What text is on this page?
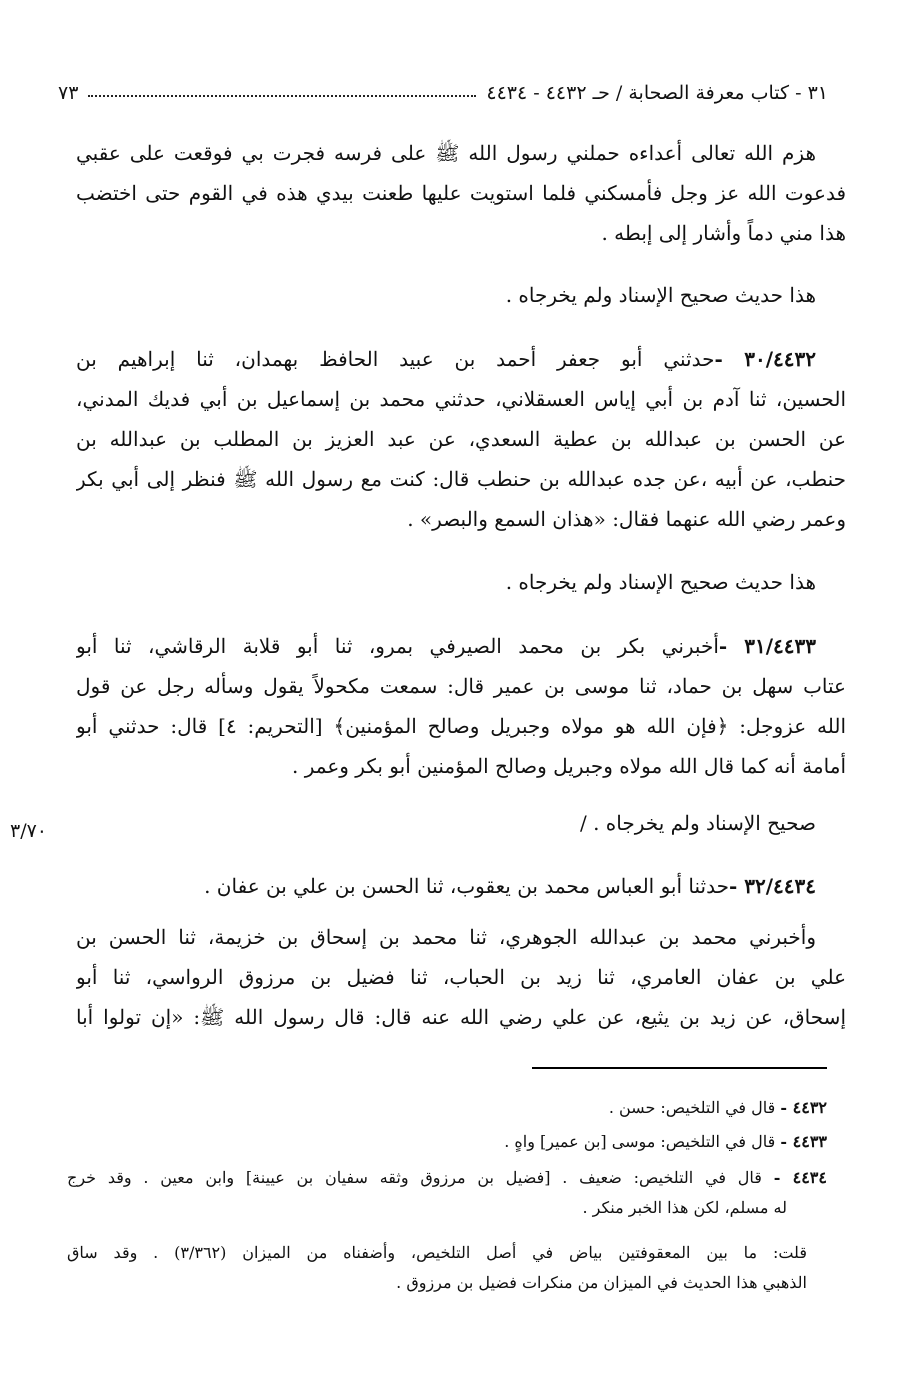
٣١ - كتاب معرفة الصحابة / حـ ٤٤٣٢ - ٤٤٣٤
٧٣
٣/٧٠
هزم الله تعالى أعداءه حملني رسول الله ﷺ على فرسه فجرت بي فوقعت على عقبي
فدعوت الله عز وجل فأمسكني فلما استويت عليها طعنت بيدي هذه في القوم حتى اختضب
هذا مني دماً وأشار إلى إبطه .
هذا حديث صحيح الإسناد ولم يخرجاه .
٣٠/٤٤٣٢ -حدثني أبو جعفر أحمد بن عبيد الحافظ بهمدان، ثنا إبراهيم بن
الحسين، ثنا آدم بن أبي إياس العسقلاني، حدثني محمد بن إسماعيل بن أبي فديك المدني،
عن الحسن بن عبدالله بن عطية السعدي، عن عبد العزيز بن المطلب بن عبدالله بن
حنطب، عن أبيه ،عن جده عبدالله بن حنطب قال: كنت مع رسول الله ﷺ فنظر إلى أبي بكر
وعمر رضي الله عنهما فقال: «هذان السمع والبصر» .
هذا حديث صحيح الإسناد ولم يخرجاه .
٣١/٤٤٣٣ -أخبرني بكر بن محمد الصيرفي بمرو، ثنا أبو قلابة الرقاشي، ثنا أبو
عتاب سهل بن حماد، ثنا موسى بن عمير قال: سمعت مكحولاً يقول وسأله رجل عن قول
الله عزوجل: ﴿فإن الله هو مولاه وجبريل وصالح المؤمنين﴾ [التحريم: ٤] قال: حدثني أبو
أمامة أنه كما قال الله مولاه وجبريل وصالح المؤمنين أبو بكر وعمر .
صحيح الإسناد ولم يخرجاه . /
٣٢/٤٤٣٤ -حدثنا أبو العباس محمد بن يعقوب، ثنا الحسن بن علي بن عفان .
وأخبرني محمد بن عبدالله الجوهري، ثنا محمد بن إسحاق بن خزيمة، ثنا الحسن بن
علي بن عفان العامري، ثنا زيد بن الحباب، ثنا فضيل بن مرزوق الرواسي، ثنا أبو
إسحاق، عن زيد بن يثيع، عن علي رضي الله عنه قال: قال رسول الله ﷺ: «إن تولوا أبا
٤٤٣٢ - قال في التلخيص: حسن .
٤٤٣٣ - قال في التلخيص: موسى [بن عمير] واهٍ .
٤٤٣٤ - قال في التلخيص: ضعيف . [فضيل بن مرزوق وثقه سفيان بن عيينة] وابن معين . وقد خرج
له مسلم، لكن هذا الخبر منكر .
قلت: ما بين المعقوفتين بياض في أصل التلخيص، وأضفناه من الميزان (٣/٣٦٢) . وقد ساق
الذهبي هذا الحديث في الميزان من منكرات فضيل بن مرزوق .
